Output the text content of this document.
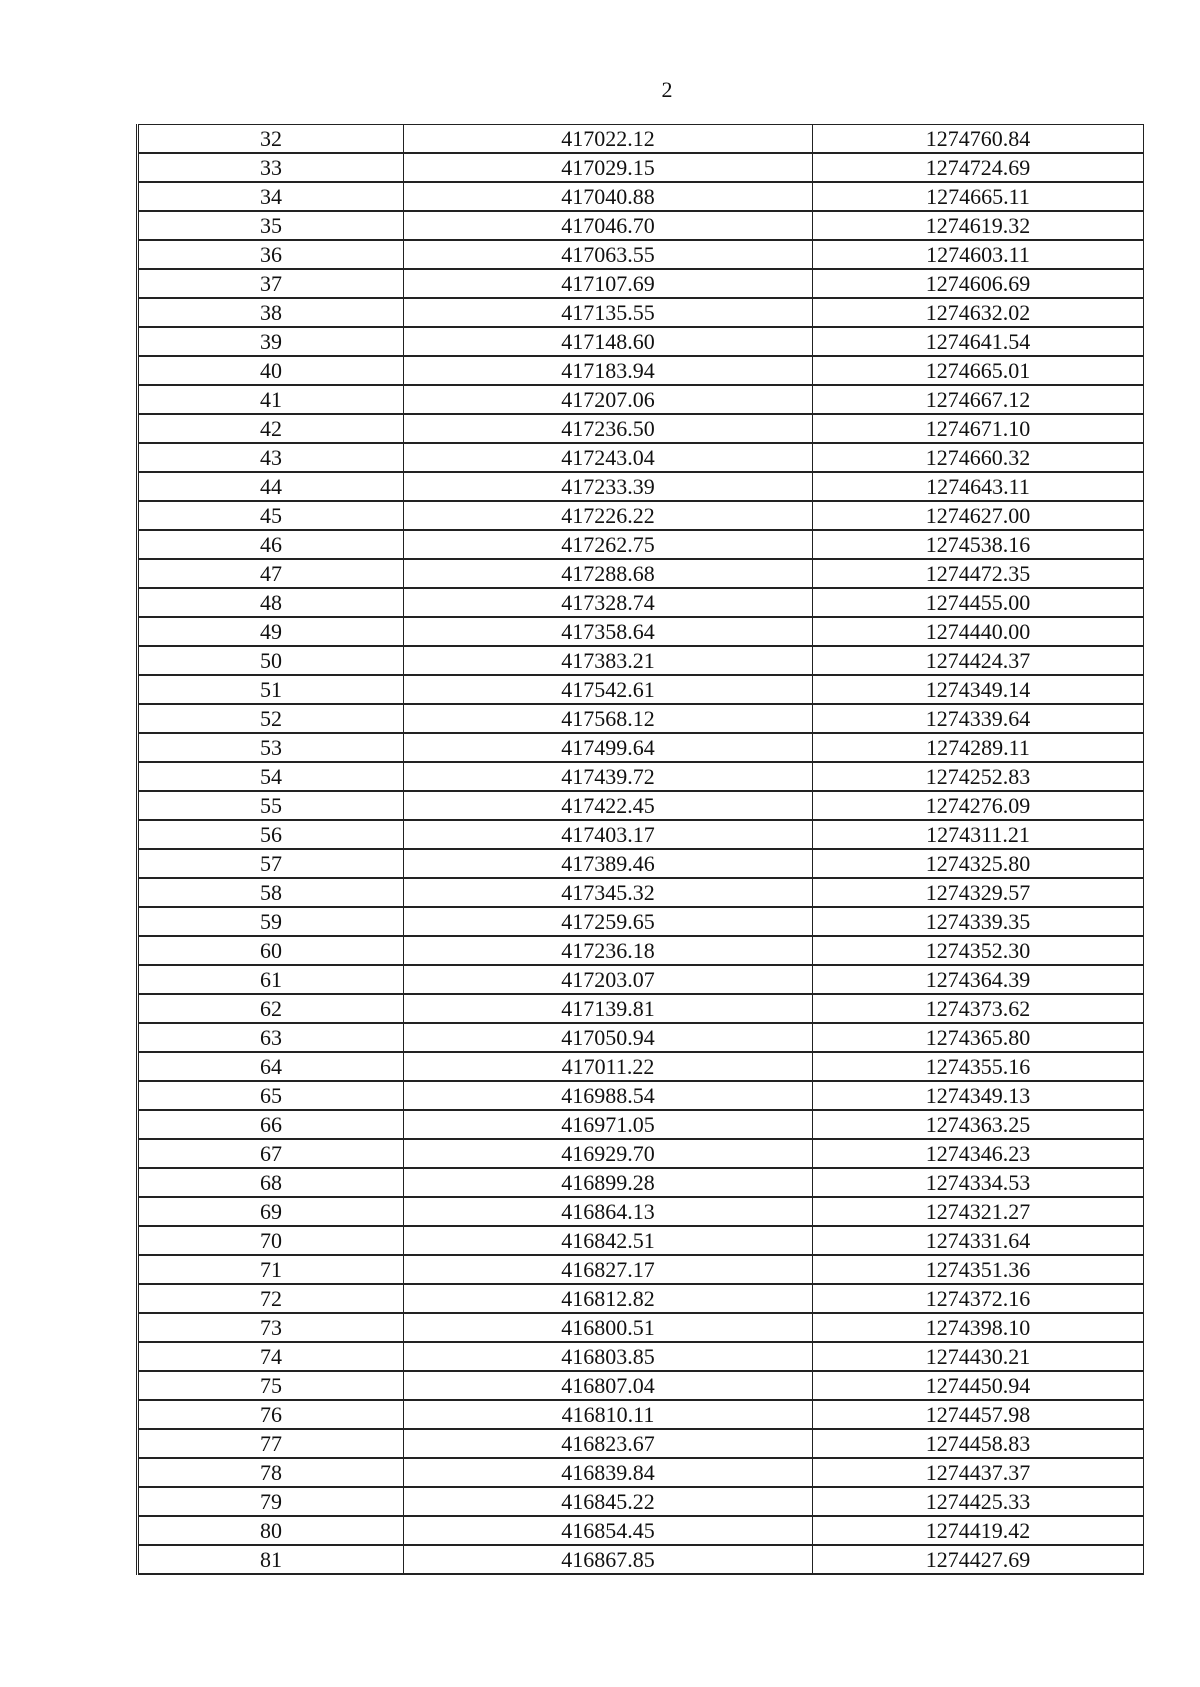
2
32	417022.12	1274760.84
33	417029.15	1274724.69
34	417040.88	1274665.11
35	417046.70	1274619.32
36	417063.55	1274603.11
37	417107.69	1274606.69
38	417135.55	1274632.02
39	417148.60	1274641.54
40	417183.94	1274665.01
41	417207.06	1274667.12
42	417236.50	1274671.10
43	417243.04	1274660.32
44	417233.39	1274643.11
45	417226.22	1274627.00
46	417262.75	1274538.16
47	417288.68	1274472.35
48	417328.74	1274455.00
49	417358.64	1274440.00
50	417383.21	1274424.37
51	417542.61	1274349.14
52	417568.12	1274339.64
53	417499.64	1274289.11
54	417439.72	1274252.83
55	417422.45	1274276.09
56	417403.17	1274311.21
57	417389.46	1274325.80
58	417345.32	1274329.57
59	417259.65	1274339.35
60	417236.18	1274352.30
61	417203.07	1274364.39
62	417139.81	1274373.62
63	417050.94	1274365.80
64	417011.22	1274355.16
65	416988.54	1274349.13
66	416971.05	1274363.25
67	416929.70	1274346.23
68	416899.28	1274334.53
69	416864.13	1274321.27
70	416842.51	1274331.64
71	416827.17	1274351.36
72	416812.82	1274372.16
73	416800.51	1274398.10
74	416803.85	1274430.21
75	416807.04	1274450.94
76	416810.11	1274457.98
77	416823.67	1274458.83
78	416839.84	1274437.37
79	416845.22	1274425.33
80	416854.45	1274419.42
81	416867.85	1274427.69
